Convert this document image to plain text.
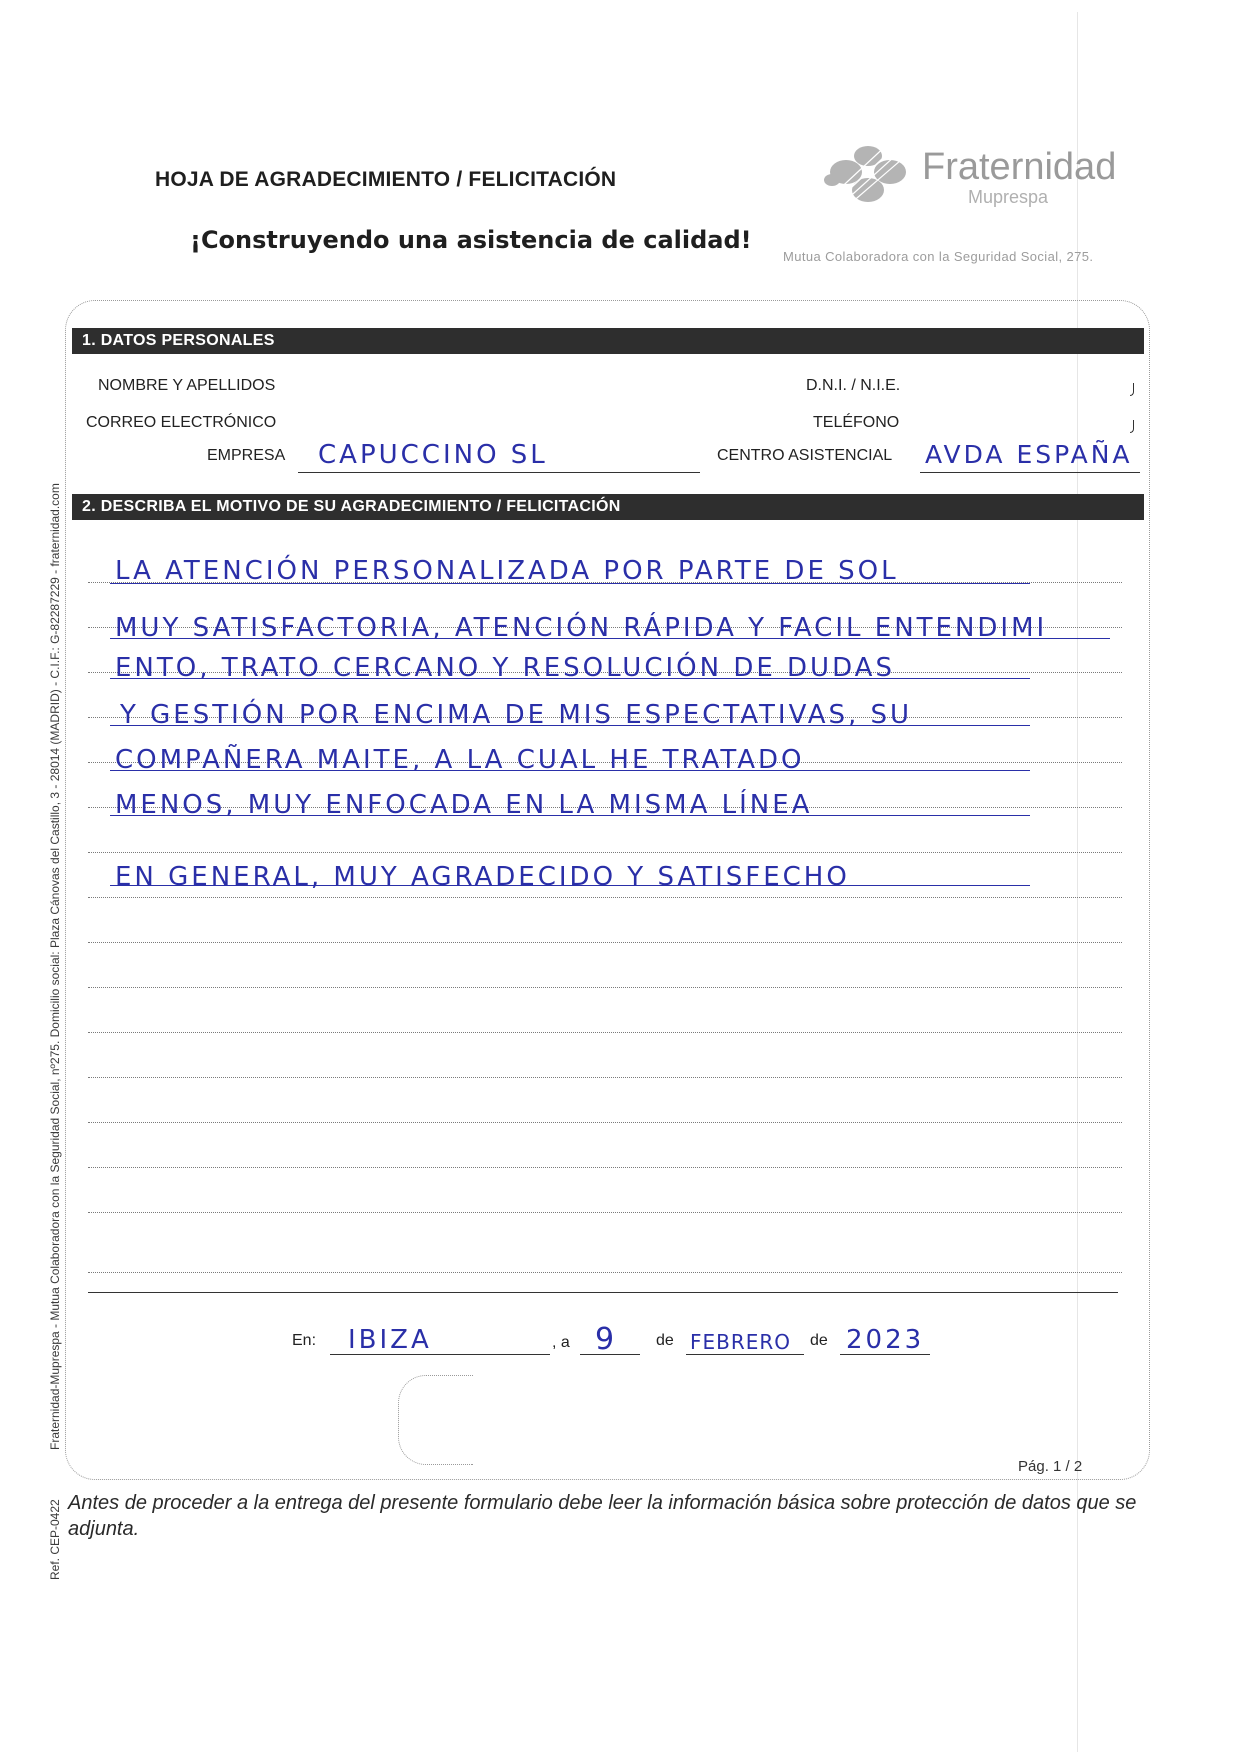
HOJA DE AGRADECIMIENTO / FELICITACIÓN
¡Construyendo una asistencia de calidad!
Fraternidad
Muprespa
Mutua Colaboradora con la Seguridad Social, 275.
1. DATOS PERSONALES
NOMBRE Y APELLIDOS	D.N.I. / N.I.E.
CORREO ELECTRÓNICO	TELÉFONO
EMPRESA CAPUCCINO SL	CENTRO ASISTENCIAL AVDA ESPAÑA
2. DESCRIBA EL MOTIVO DE SU AGRADECIMIENTO / FELICITACIÓN
LA ATENCIÓN PERSONALIZADA POR PARTE DE SOL
MUY SATISFACTORIA, ATENCIÓN RÁPIDA Y FACIL ENTENDIMI
ENTO, TRATO CERCANO Y RESOLUCIÓN DE DUDAS
Y GESTIÓN POR ENCIMA DE MIS ESPECTATIVAS, SU
COMPAÑERA MAITE, A LA CUAL HE TRATADO
MENOS, MUY ENFOCADA EN LA MISMA LÍNEA
EN GENERAL, MUY AGRADECIDO Y SATISFECHO
En: IBIZA	, a 9 de FEBRERO de 2023
Pág. 1 / 2
Antes de proceder a la entrega del presente formulario debe leer la información básica sobre protección de datos que se adjunta.
Fraternidad-Muprespa - Mutua Colaboradora con la Seguridad Social, nº275. Domicilio social: Plaza Cánovas del Castillo, 3 - 28014 (MADRID) - C.I.F.: G-82287229 - fraternidad.com
Ref. CEP-0422
